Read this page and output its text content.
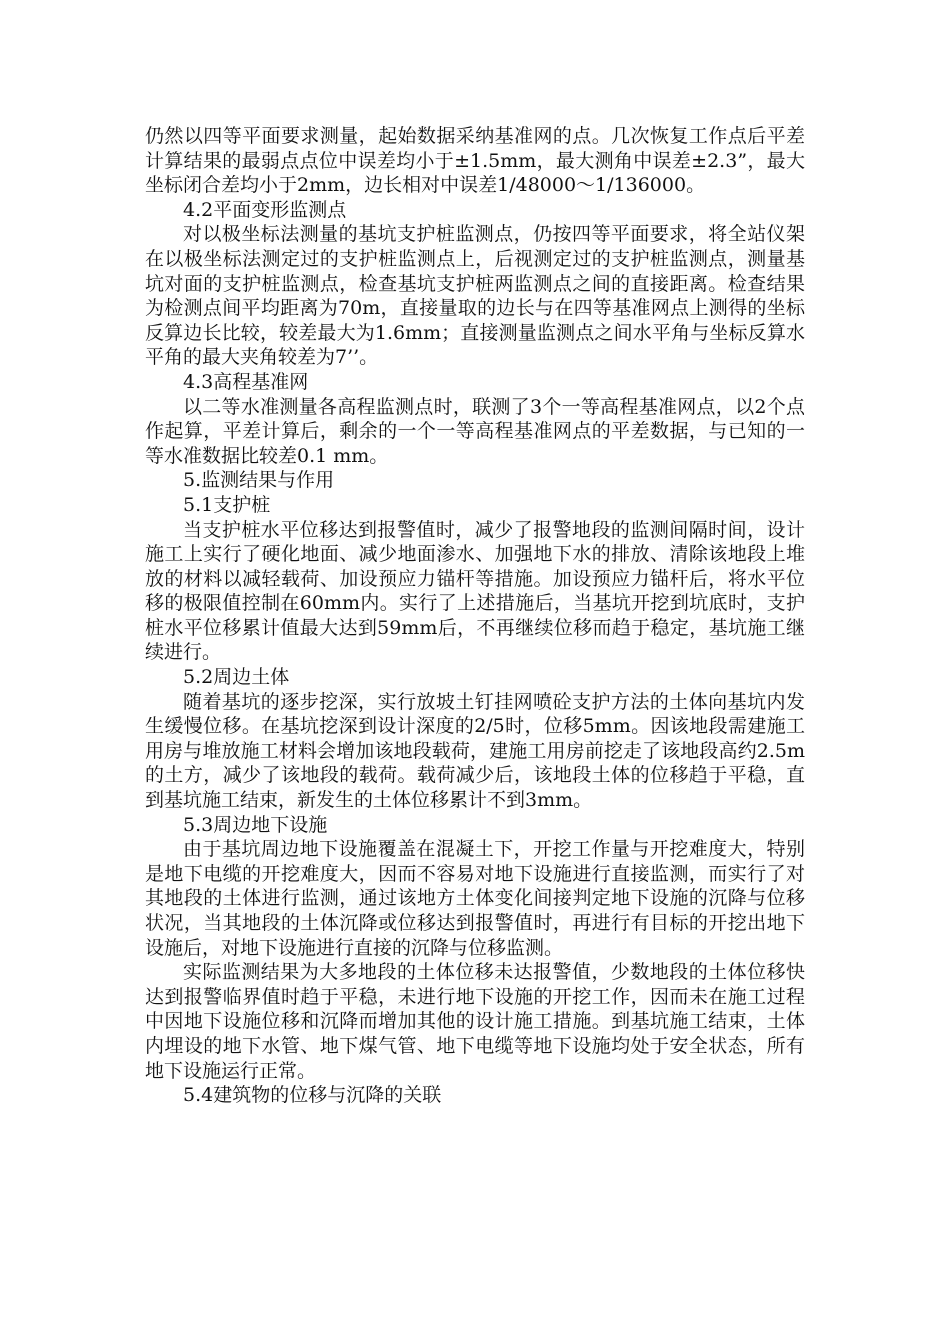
仍然以四等平面要求测量，起始数据采纳基准网的点。几次恢复工作点后平差计算结果的最弱点点位中误差均小于±1.5mm，最大测角中误差±2.3”，最大坐标闭合差均小于2mm，边长相对中误差1/48000～1/136000。

4.2平面变形监测点

对以极坐标法测量的基坑支护桩监测点，仍按四等平面要求，将全站仪架在以极坐标法测定过的支护桩监测点上，后视测定过的支护桩监测点，测量基坑对面的支护桩监测点，检查基坑支护桩两监测点之间的直接距离。检查结果为检测点间平均距离为70m，直接量取的边长与在四等基准网点上测得的坐标反算边长比较，较差最大为1.6mm；直接测量监测点之间水平角与坐标反算水平角的最大夹角较差为7’’。

4.3高程基准网

以二等水准测量各高程监测点时，联测了3个一等高程基准网点，以2个点作起算，平差计算后，剩余的一个一等高程基准网点的平差数据，与已知的一等水准数据比较差0.1 mm。

5.监测结果与作用

5.1支护桩

当支护桩水平位移达到报警值时，减少了报警地段的监测间隔时间，设计施工上实行了硬化地面、减少地面渗水、加强地下水的排放、清除该地段上堆放的材料以减轻载荷、加设预应力锚杆等措施。加设预应力锚杆后，将水平位移的极限值控制在60mm内。实行了上述措施后，当基坑开挖到坑底时，支护桩水平位移累计值最大达到59mm后，不再继续位移而趋于稳定，基坑施工继续进行。

5.2周边土体

随着基坑的逐步挖深，实行放坡土钉挂网喷砼支护方法的土体向基坑内发生缓慢位移。在基坑挖深到设计深度的2/5时，位移5mm。因该地段需建施工用房与堆放施工材料会增加该地段载荷，建施工用房前挖走了该地段高约2.5m的土方，减少了该地段的载荷。载荷减少后，该地段土体的位移趋于平稳，直到基坑施工结束，新发生的土体位移累计不到3mm。

5.3周边地下设施

由于基坑周边地下设施覆盖在混凝土下，开挖工作量与开挖难度大，特别是地下电缆的开挖难度大，因而不容易对地下设施进行直接监测，而实行了对其地段的土体进行监测，通过该地方土体变化间接判定地下设施的沉降与位移状况，当其地段的土体沉降或位移达到报警值时，再进行有目标的开挖出地下设施后，对地下设施进行直接的沉降与位移监测。

实际监测结果为大多地段的土体位移未达报警值，少数地段的土体位移快达到报警临界值时趋于平稳，未进行地下设施的开挖工作，因而未在施工过程中因地下设施位移和沉降而增加其他的设计施工措施。到基坑施工结束，土体内埋设的地下水管、地下煤气管、地下电缆等地下设施均处于安全状态，所有地下设施运行正常。

5.4建筑物的位移与沉降的关联
